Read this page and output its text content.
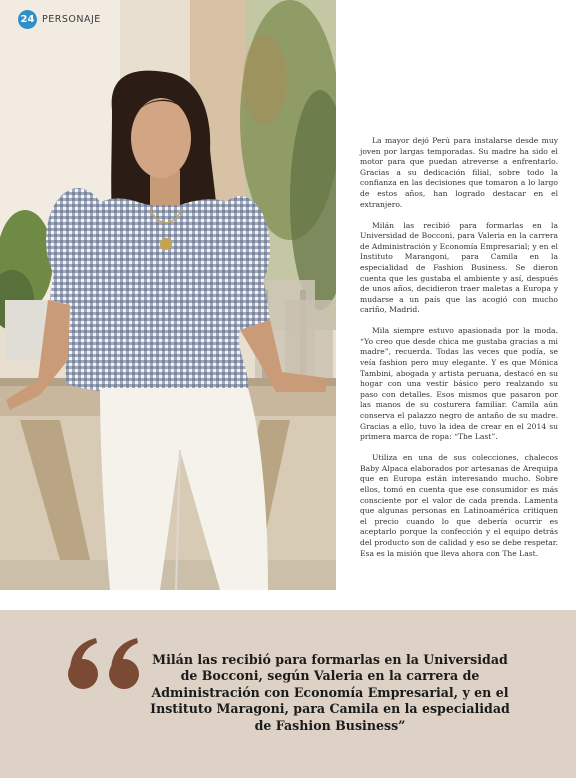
24 PERSONAJE

La mayor dejó Perú para instalarse desde muy joven por largas temporadas. Su madre ha sido el motor para que puedan atreverse a enfrentarlo. Gracias a su dedicación filial, sobre todo la confianza en las decisiones que tomaron a lo largo de estos años, han logrado destacar en el extranjero.

Milán las recibió para formarlas en la Universidad de Bocconi, para Valeria en la carrera de Administración y Economía Empresarial; y en el Instituto Marangoni, para Camila en la especialidad de Fashion Business. Se dieron cuenta que les gustaba el ambiente y así, después de unos años, decidieron traer maletas a Europa y mudarse a un país que las acogió con mucho cariño, Madrid.

Mila siempre estuvo apasionada por la moda. “Yo creo que desde chica me gustaba gracias a mi madre”, recuerda. Todas las veces que podía, se veía fashion pero muy elegante. Y es que Mónica Tambini, abogada y artista peruana, destacó en su hogar con una vestir básico pero realzando su paso con detalles. Esos mismos que pasaron por las manos de su costurera familiar. Camila aún conserva el palazzo negro de antaño de su madre. Gracias a ello, tuvo la idea de crear en el 2014 su primera marca de ropa: “The Last”.

Utiliza en una de sus colecciones, chalecos Baby Alpaca elaborados por artesanas de Arequipa que en Europa están interesando mucho. Sobre ellos, tomó en cuenta que ese consumidor es más consciente por el valor de cada prenda. Lamenta que algunas personas en Latinoamérica critiquen el precio cuando lo que debería ocurrir es aceptarlo porque la confección y el equipo detrás del producto son de calidad y eso se debe respetar. Esa es la misión que lleva ahora con The Last.

Milán las recibió para formarlas en la Universidad de Bocconi, según Valeria en la carrera de Administración con Economía Empresarial, y en el Instituto Maragoni, para Camila en la especialidad de Fashion Business”
